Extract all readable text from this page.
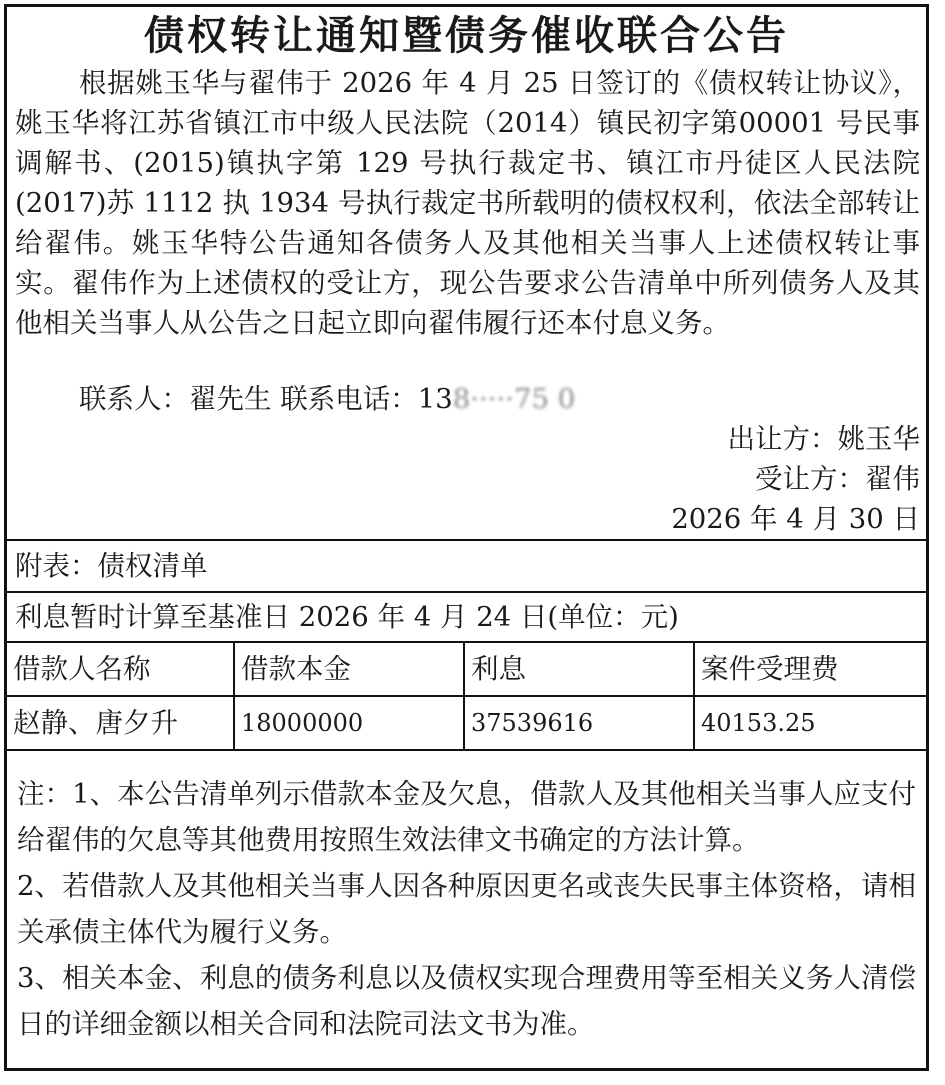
债权转让通知暨债务催收联合公告

根据姚玉华与翟伟于 2026 年 4 月 25 日签订的《债权转让协议》，姚玉华将江苏省镇江市中级人民法院（2014）镇民初字第00001 号民事调解书、(2015)镇执字第 129 号执行裁定书、镇江市丹徒区人民法院(2017)苏 1112 执 1934 号执行裁定书所载明的债权权利，依法全部转让给翟伟。姚玉华特公告通知各债务人及其他相关当事人上述债权转让事实。翟伟作为上述债权的受让方，现公告要求公告清单中所列债务人及其他相关当事人从公告之日起立即向翟伟履行还本付息义务。

联系人：翟先生 联系电话：138·····75 0

出让方：姚玉华
受让方：翟伟
2026 年 4 月 30 日
附表：债权清单
利息暂时计算至基准日 2026 年 4 月 24 日(单位：元)
借款人名称	借款本金	利息	案件受理费
赵静、唐夕升	18000000	37539616	40153.25

注：1、本公告清单列示借款本金及欠息，借款人及其他相关当事人应支付给翟伟的欠息等其他费用按照生效法律文书确定的方法计算。

2、若借款人及其他相关当事人因各种原因更名或丧失民事主体资格，请相关承债主体代为履行义务。

3、相关本金、利息的债务利息以及债权实现合理费用等至相关义务人清偿日的详细金额以相关合同和法院司法文书为准。
